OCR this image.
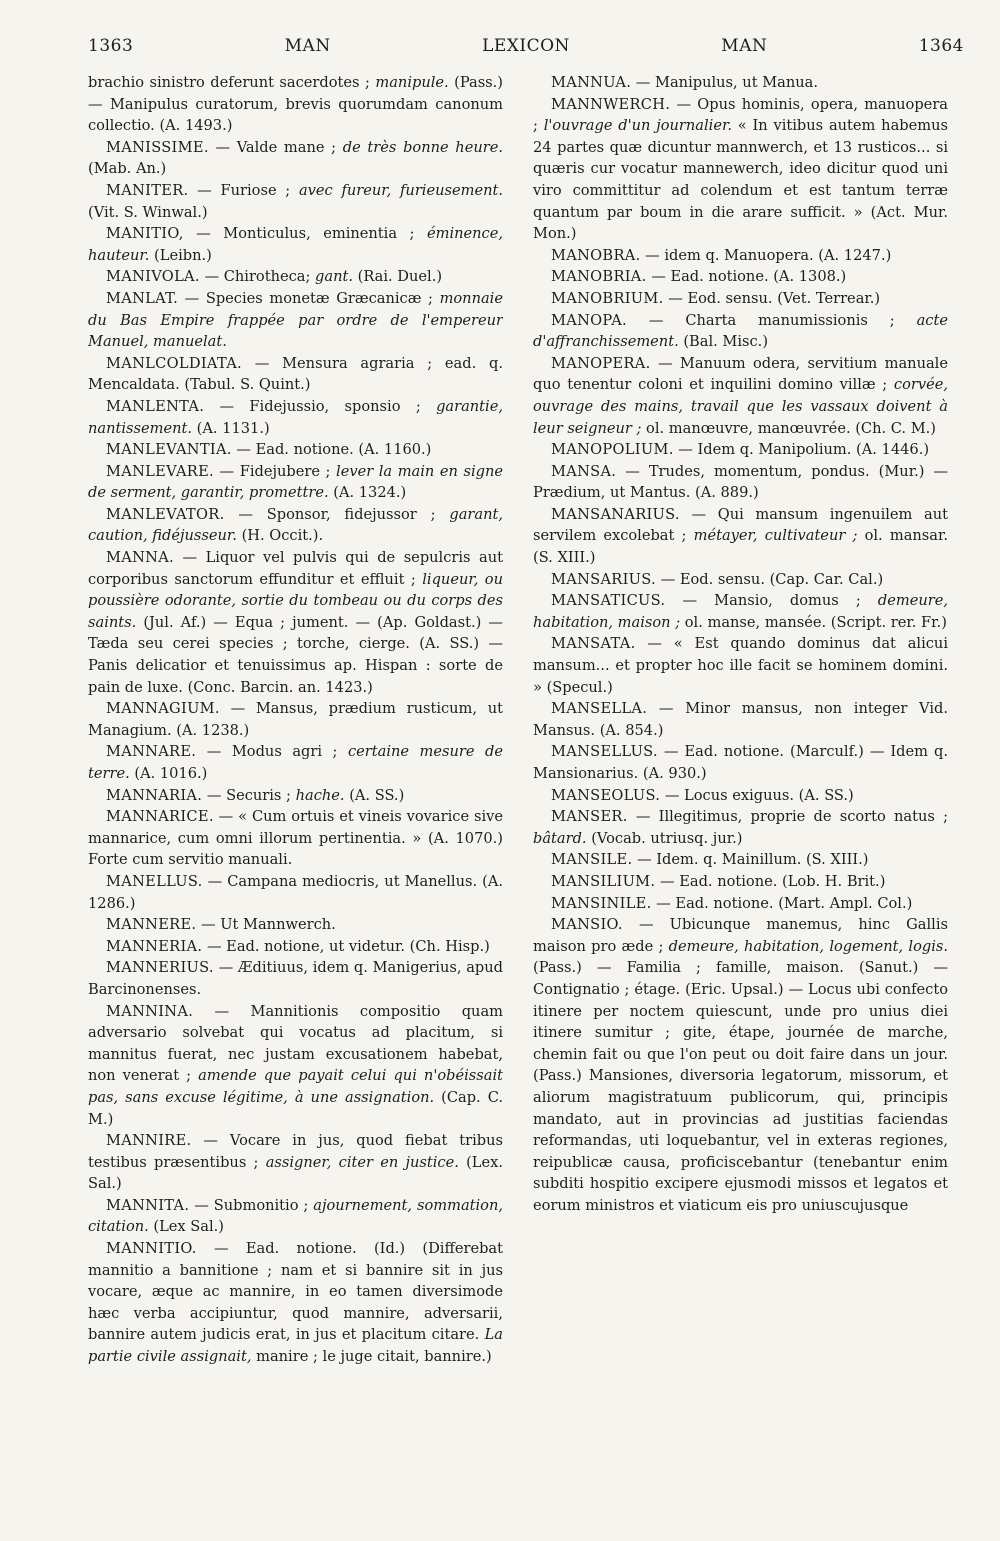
1363	MAN	LEXICON	MAN	1364

brachio sinistro deferunt sacerdotes ; manipule. (Pass.) — Manipulus curatorum, brevis quorumdam canonum collectio. (A. 1493.)

MANISSIME. — Valde mane ; de très bonne heure. (Mab. An.)

MANITER. — Furiose ; avec fureur, furieusement. (Vit. S. Winwal.)

MANITIO, — Monticulus, eminentia ; éminence, hauteur. (Leibn.)

MANIVOLA. — Chirotheca; gant. (Rai. Duel.)

MANLAT. — Species monetæ Græcanicæ ; monnaie du Bas Empire frappée par ordre de l'empereur Manuel, manuelat.

MANLCOLDIATA. — Mensura agraria ; ead. q. Mencaldata. (Tabul. S. Quint.)

MANLENTA. — Fidejussio, sponsio ; garantie, nantissement. (A. 1131.)

MANLEVANTIA. — Ead. notione. (A. 1160.)

MANLEVARE. — Fidejubere ; lever la main en signe de serment, garantir, promettre. (A. 1324.)

MANLEVATOR. — Sponsor, fidejussor ; garant, caution, fidéjusseur. (H. Occit.).

MANNA. — Liquor vel pulvis qui de sepulcris aut corporibus sanctorum effunditur et effluit ; liqueur, ou poussière odorante, sortie du tombeau ou du corps des saints. (Jul. Af.) — Equa ; jument. — (Ap. Goldast.) — Tæda seu cerei species ; torche, cierge. (A. SS.) — Panis delicatior et tenuissimus ap. Hispan : sorte de pain de luxe. (Conc. Barcin. an. 1423.)

MANNAGIUM. — Mansus, prædium rusticum, ut Managium. (A. 1238.)

MANNARE. — Modus agri ; certaine mesure de terre. (A. 1016.)

MANNARIA. — Securis ; hache. (A. SS.)

MANNARICE. — « Cum ortuis et vineis vovarice sive mannarice, cum omni illorum pertinentia. » (A. 1070.) Forte cum servitio manuali.

MANELLUS. — Campana mediocris, ut Manellus. (A. 1286.)

MANNERE. — Ut Mannwerch.

MANNERIA. — Ead. notione, ut videtur. (Ch. Hisp.)

MANNERIUS. — Æditiuus, idem q. Manigerius, apud Barcinonenses.

MANNINA. — Mannitionis compositio quam adversario solvebat qui vocatus ad placitum, si mannitus fuerat, nec justam excusationem habebat, non venerat ; amende que payait celui qui n'obéissait pas, sans excuse légitime, à une assignation. (Cap. C. M.)

MANNIRE. — Vocare in jus, quod fiebat tribus testibus præsentibus ; assigner, citer en justice. (Lex. Sal.)

MANNITA. — Submonitio ; ajournement, sommation, citation. (Lex Sal.)

MANNITIO. — Ead. notione. (Id.) (Differebat mannitio a bannitione ; nam et si bannire sit in jus vocare, æque ac mannire, in eo tamen diversimode hæc verba accipiuntur, quod mannire, adversarii, bannire autem judicis erat, in jus et placitum citare. La partie civile assignait, manire ; le juge citait, bannire.)

MANNUA. — Manipulus, ut Manua.

MANNWERCH. — Opus hominis, opera, manuopera ; l'ouvrage d'un journalier. « In vitibus autem habemus 24 partes quæ dicuntur mannwerch, et 13 rusticos... si quæris cur vocatur mannewerch, ideo dicitur quod uni viro committitur ad colendum et est tantum terræ quantum par boum in die arare sufficit. » (Act. Mur. Mon.)

MANOBRA. — idem q. Manuopera. (A. 1247.)

MANOBRIA. — Ead. notione. (A. 1308.)

MANOBRIUM. — Eod. sensu. (Vet. Terrear.)

MANOPA. — Charta manumissionis ; acte d'affranchissement. (Bal. Misc.)

MANOPERA. — Manuum odera, servitium manuale quo tenentur coloni et inquilini domino villæ ; corvée, ouvrage des mains, travail que les vassaux doivent à leur seigneur ; ol. manœuvre, manœuvrée. (Ch. C. M.)

MANOPOLIUM. — Idem q. Manipolium. (A. 1446.)

MANSA. — Trudes, momentum, pondus. (Mur.) — Prædium, ut Mantus. (A. 889.)

MANSANARIUS. — Qui mansum ingenuilem aut servilem excolebat ; métayer, cultivateur ; ol. mansar. (S. XIII.)

MANSARIUS. — Eod. sensu. (Cap. Car. Cal.)

MANSATICUS. — Mansio, domus ; demeure, habitation, maison ; ol. manse, mansée. (Script. rer. Fr.)

MANSATA. — « Est quando dominus dat alicui mansum... et propter hoc ille facit se hominem domini. » (Specul.)

MANSELLA. — Minor mansus, non integer Vid. Mansus. (A. 854.)

MANSELLUS. — Ead. notione. (Marculf.) — Idem q. Mansionarius. (A. 930.)

MANSEOLUS. — Locus exiguus. (A. SS.)

MANSER. — Illegitimus, proprie de scorto natus ; bâtard. (Vocab. utriusq. jur.)

MANSILE. — Idem. q. Mainillum. (S. XIII.)

MANSILIUM. — Ead. notione. (Lob. H. Brit.)

MANSINILE. — Ead. notione. (Mart. Ampl. Col.)

MANSIO. — Ubicunque manemus, hinc Gallis maison pro æde ; demeure, habitation, logement, logis. (Pass.) — Familia ; famille, maison. (Sanut.) — Contignatio ; étage. (Eric. Upsal.) — Locus ubi confecto itinere per noctem quiescunt, unde pro unius diei itinere sumitur ; gite, étape, journée de marche, chemin fait ou que l'on peut ou doit faire dans un jour. (Pass.) Mansiones, diversoria legatorum, missorum, et aliorum magistratuum publicorum, qui, principis mandato, aut in provincias ad justitias faciendas reformandas, uti loquebantur, vel in exteras regiones, reipublicæ causa, proficiscebantur (tenebantur enim subditi hospitio excipere ejusmodi missos et legatos et eorum ministros et viaticum eis pro uniuscujusque
